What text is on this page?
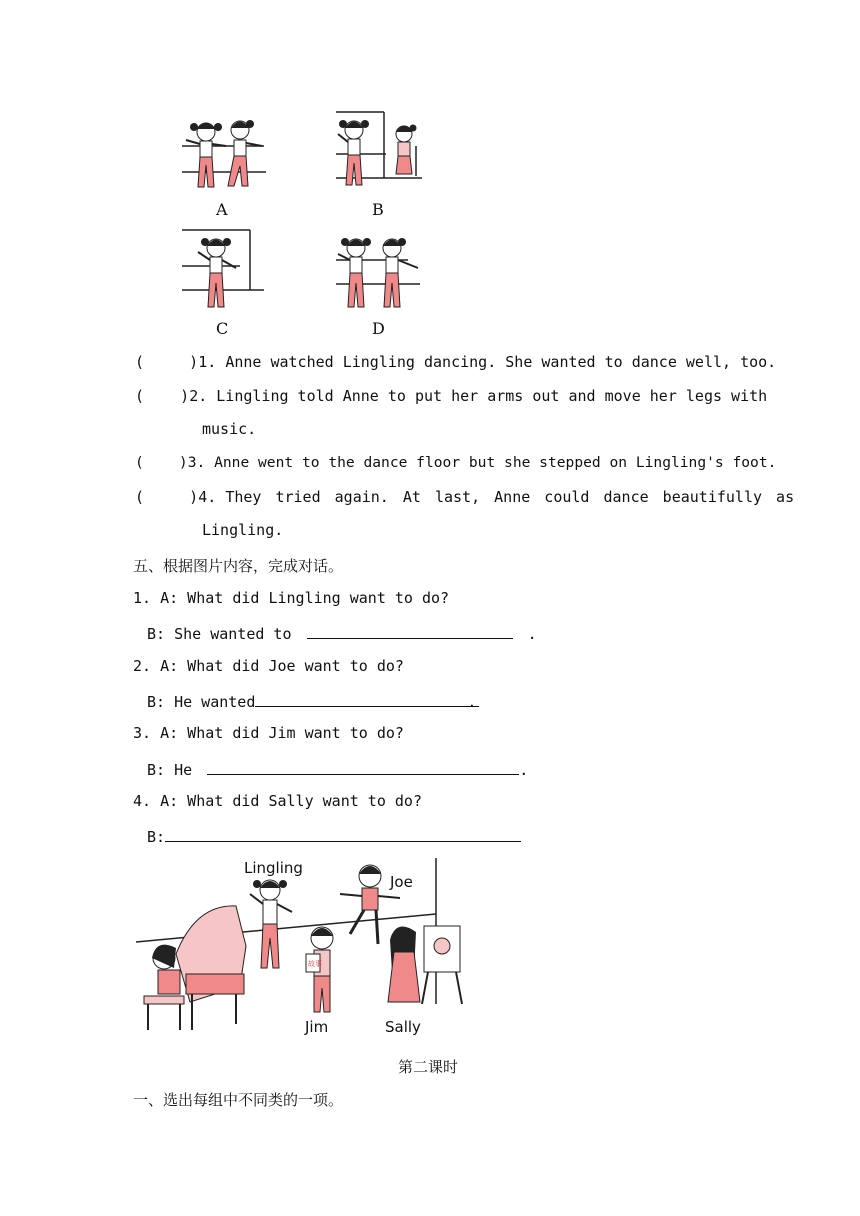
A	B
C	D
(     )1. Anne watched Lingling dancing. She wanted to dance well, too.
(    )2. Lingling told Anne to put her arms out and move her legs with
music.
(    )3. Anne went to the dance floor but she stepped on Lingling's foot.
(     )4. They tried again. At last, Anne could dance beautifully as
Lingling.
五、根据图片内容，完成对话。
1. A: What did Lingling want to do?
B: She wanted to	.
2. A: What did Joe want to do?
B: He wanted	.
3. A: What did Jim want to do?
B: He	.
4. A: What did Sally want to do?
B:
故事
Lingling
Joe
Jim	Sally
第二课时
一、选出每组中不同类的一项。
